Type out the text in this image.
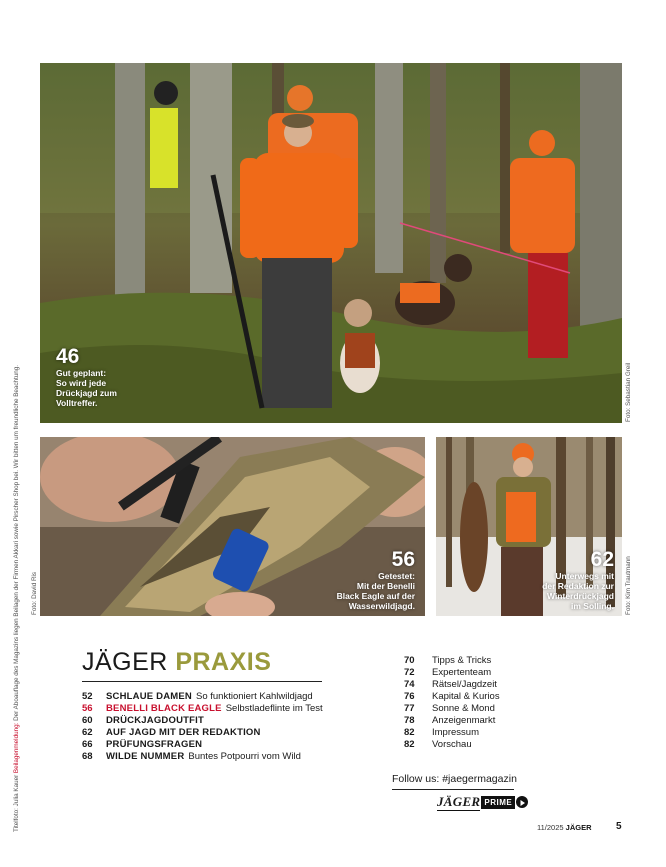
46
Gut geplant:
So wird jede
Drückjagd zum
Volltreffer.	Foto: Sebastian Greil
56
Getestet:
Mit der Benelli
Black Eagle auf der
Wasserwildjagd.
Foto: David Ris
62
Unterwegs mit
der Redaktion zur
Winterdrückjagd
im Solling. Foto: Kim Trautmann
Titelfoto: Julia Kauer Beilagenmeldung: Der Aboauflage des Magazins liegen Beilagen der Firmen Akkari sowie Pirscher Shop bei. Wir bitten um freundliche Beachtung. JÄGER PRAXIS
52 SCHLAUE DAMEN So funktioniert Kahlwildjagd
56 BENELLI BLACK EAGLE Selbstladeflinte im Test
60 DRÜCKJAGDOUTFIT
62 AUF JAGD MIT DER REDAKTION
66 PRÜFUNGSFRAGEN
68 WILDE NUMMER Buntes Potpourri vom Wild
70 Tipps & Tricks
72 Expertenteam
74 Rätsel/Jagdzeit
76 Kapital & Kurios
77 Sonne & Mond
78 Anzeigenmarkt
82 Impressum
82 Vorschau
Follow us: #jaegermagazin
JÄGER PRIME
11/2025 JÄGER 5
